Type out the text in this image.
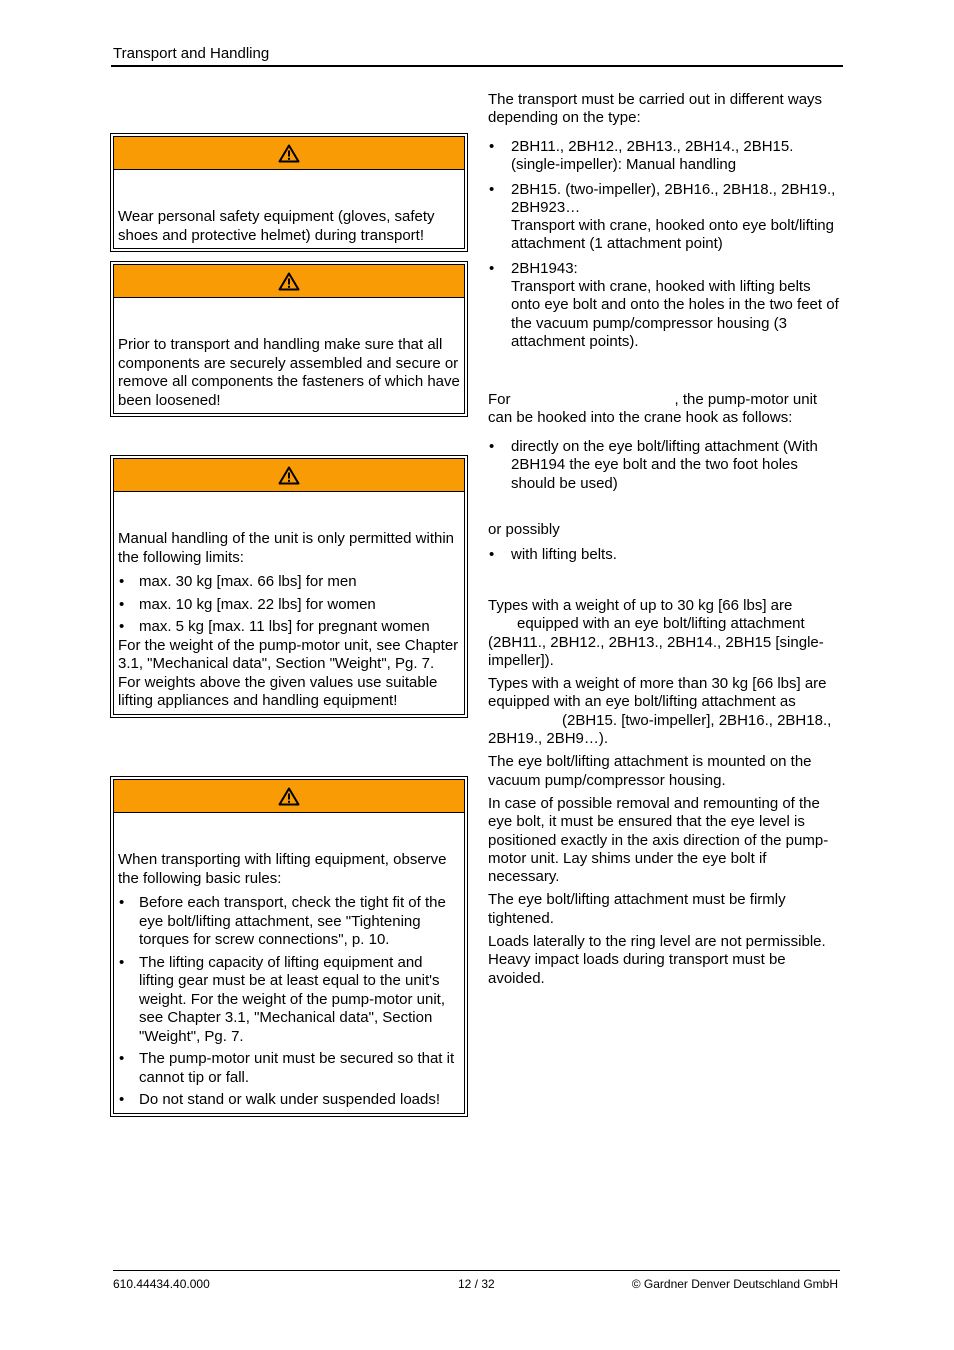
Transport and Handling

Wear personal safety equipment (gloves, safety shoes and protective helmet) during transport!

Prior to transport and handling make sure that all components are securely assembled and secure or remove all components the fasteners of which have been loosened!

Manual handling of the unit is only permitted within the following limits:

• max. 30 kg [max. 66 lbs] for men
• max. 10 kg [max. 22 lbs] for women
• max. 5 kg [max. 11 lbs] for pregnant women

For the weight of the pump-motor unit, see Chapter 3.1, "Mechanical data", Section "Weight", Pg. 7. For weights above the given values use suitable lifting appliances and handling equipment!

When transporting with lifting equipment, observe the following basic rules:

• Before each transport, check the tight fit of the eye bolt/lifting attachment, see "Tightening torques for screw connections", p. 10.
• The lifting capacity of lifting equipment and lifting gear must be at least equal to the unit's weight. For the weight of the pump-motor unit, see Chapter 3.1, "Mechanical data", Section "Weight", Pg. 7.
• The pump-motor unit must be secured so that it cannot tip or fall.
• Do not stand or walk under suspended loads!

The transport must be carried out in different ways depending on the type:

• 2BH11., 2BH12., 2BH13., 2BH14., 2BH15. (single-impeller): Manual handling
• 2BH15. (two-impeller), 2BH16., 2BH18., 2BH19., 2BH923…
Transport with crane, hooked onto eye bolt/lifting attachment (1 attachment point)
• 2BH1943:
Transport with crane, hooked with lifting belts onto eye bolt and onto the holes in the two feet of the vacuum pump/compressor housing (3 attachment points).

For	, the pump-motor unit can be hooked into the crane hook as follows:

• directly on the eye bolt/lifting attachment (With 2BH194 the eye bolt and the two foot holes should be used)

or possibly

• with lifting belts.

Types with a weight of up to 30 kg [66 lbs] are
equipped with an eye bolt/lifting attachment (2BH11., 2BH12., 2BH13., 2BH14., 2BH15 [single-impeller]).

Types with a weight of more than 30 kg [66 lbs] are equipped with an eye bolt/lifting attachment as(2BH15. [two-impeller], 2BH16., 2BH18., 2BH19., 2BH9…).

The eye bolt/lifting attachment is mounted on the vacuum pump/compressor housing.

In case of possible removal and remounting of the eye bolt, it must be ensured that the eye level is positioned exactly in the axis direction of the pump-motor unit. Lay shims under the eye bolt if necessary.

The eye bolt/lifting attachment must be firmly tightened.

Loads laterally to the ring level are not permissible. Heavy impact loads during transport must be avoided.

610.44434.40.000	12 / 32	© Gardner Denver Deutschland GmbH
